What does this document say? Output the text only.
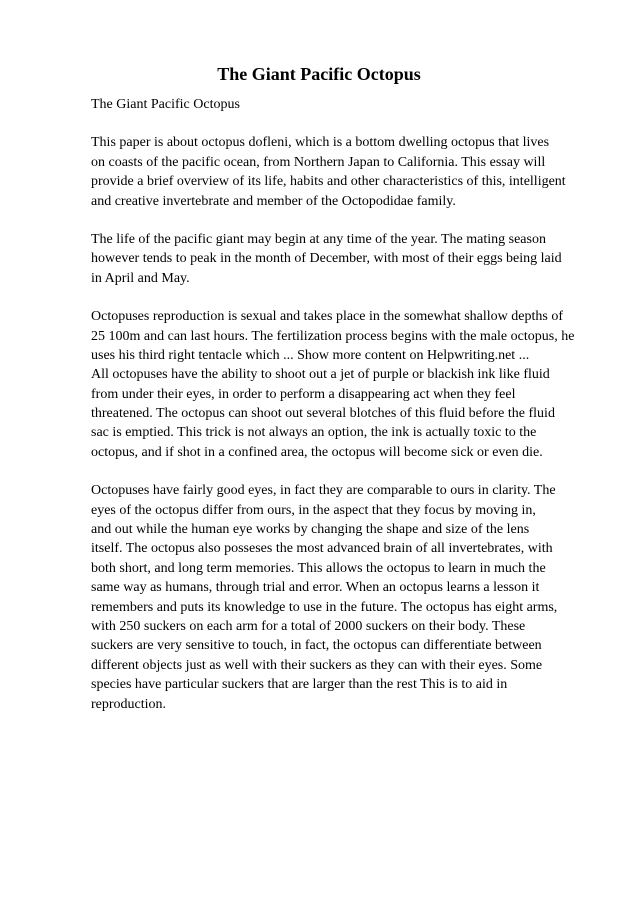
The Giant Pacific Octopus
The Giant Pacific Octopus
This paper is about octopus dofleni, which is a bottom dwelling octopus that lives
on coasts of the pacific ocean, from Northern Japan to California. This essay will
provide a brief overview of its life, habits and other characteristics of this, intelligent
and creative invertebrate and member of the Octopodidae family.
The life of the pacific giant may begin at any time of the year. The mating season
however tends to peak in the month of December, with most of their eggs being laid
in April and May.
Octopuses reproduction is sexual and takes place in the somewhat shallow depths of
25 100m and can last hours. The fertilization process begins with the male octopus, he
uses his third right tentacle which ... Show more content on Helpwriting.net ...
All octopuses have the ability to shoot out a jet of purple or blackish ink like fluid
from under their eyes, in order to perform a disappearing act when they feel
threatened. The octopus can shoot out several blotches of this fluid before the fluid
sac is emptied. This trick is not always an option, the ink is actually toxic to the
octopus, and if shot in a confined area, the octopus will become sick or even die.
Octopuses have fairly good eyes, in fact they are comparable to ours in clarity. The
eyes of the octopus differ from ours, in the aspect that they focus by moving in,
and out while the human eye works by changing the shape and size of the lens
itself. The octopus also posseses the most advanced brain of all invertebrates, with
both short, and long term memories. This allows the octopus to learn in much the
same way as humans, through trial and error. When an octopus learns a lesson it
remembers and puts its knowledge to use in the future. The octopus has eight arms,
with 250 suckers on each arm for a total of 2000 suckers on their body. These
suckers are very sensitive to touch, in fact, the octopus can differentiate between
different objects just as well with their suckers as they can with their eyes. Some
species have particular suckers that are larger than the rest This is to aid in
reproduction.
